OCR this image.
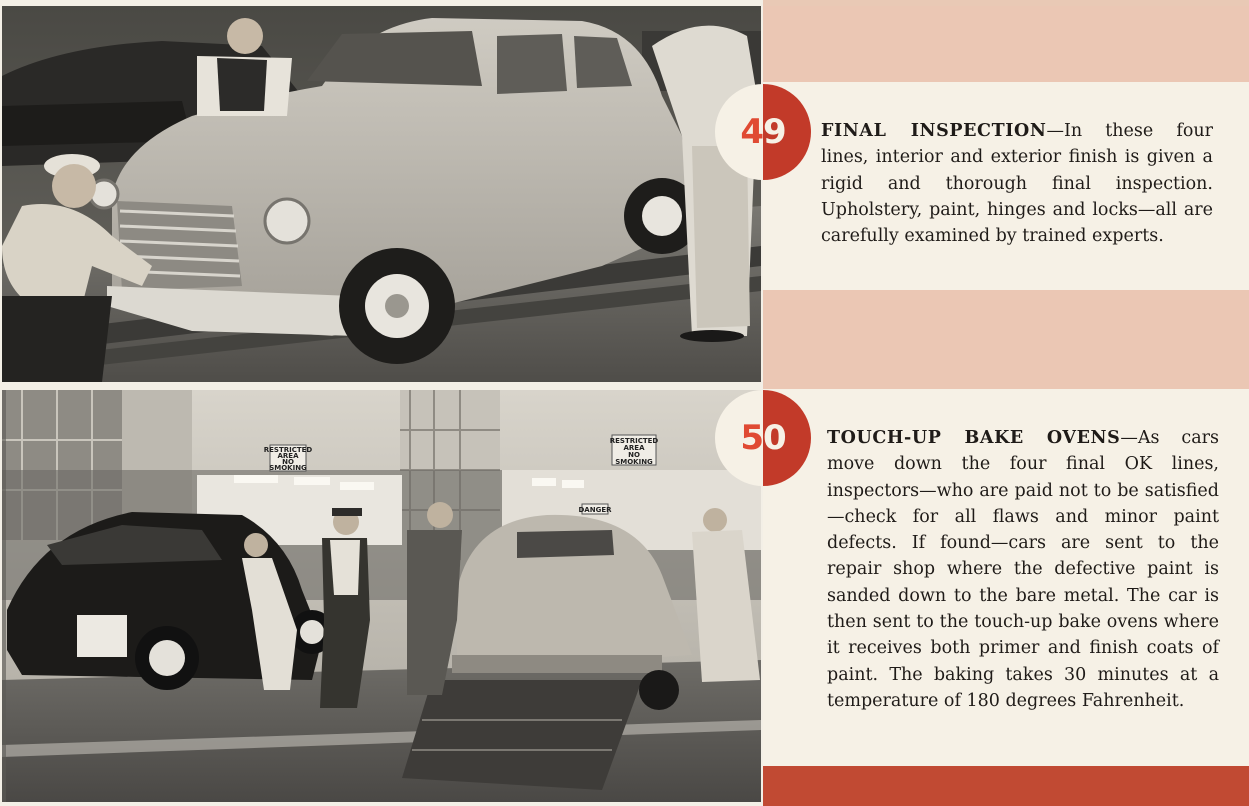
RESTRICTED
AREA
NO
SMOKING
RESTRICTED
AREA
NO
SMOKING
DANGER
49
50

FINAL INSPECTION—In these four lines, interior and exterior finish is given a rigid and thorough final inspection. Upholstery, paint, hinges and locks—all are carefully examined by trained experts.

TOUCH-UP BAKE OVENS—As cars move down the four final OK lines, inspectors—who are paid not to be satisfied—check for all flaws and minor paint defects. If found—cars are sent to the repair shop where the defective paint is sanded down to the bare metal. The car is then sent to the touch-up bake ovens where it receives both primer and finish coats of paint. The baking takes 30 minutes at a temperature of 180 degrees Fahrenheit.
